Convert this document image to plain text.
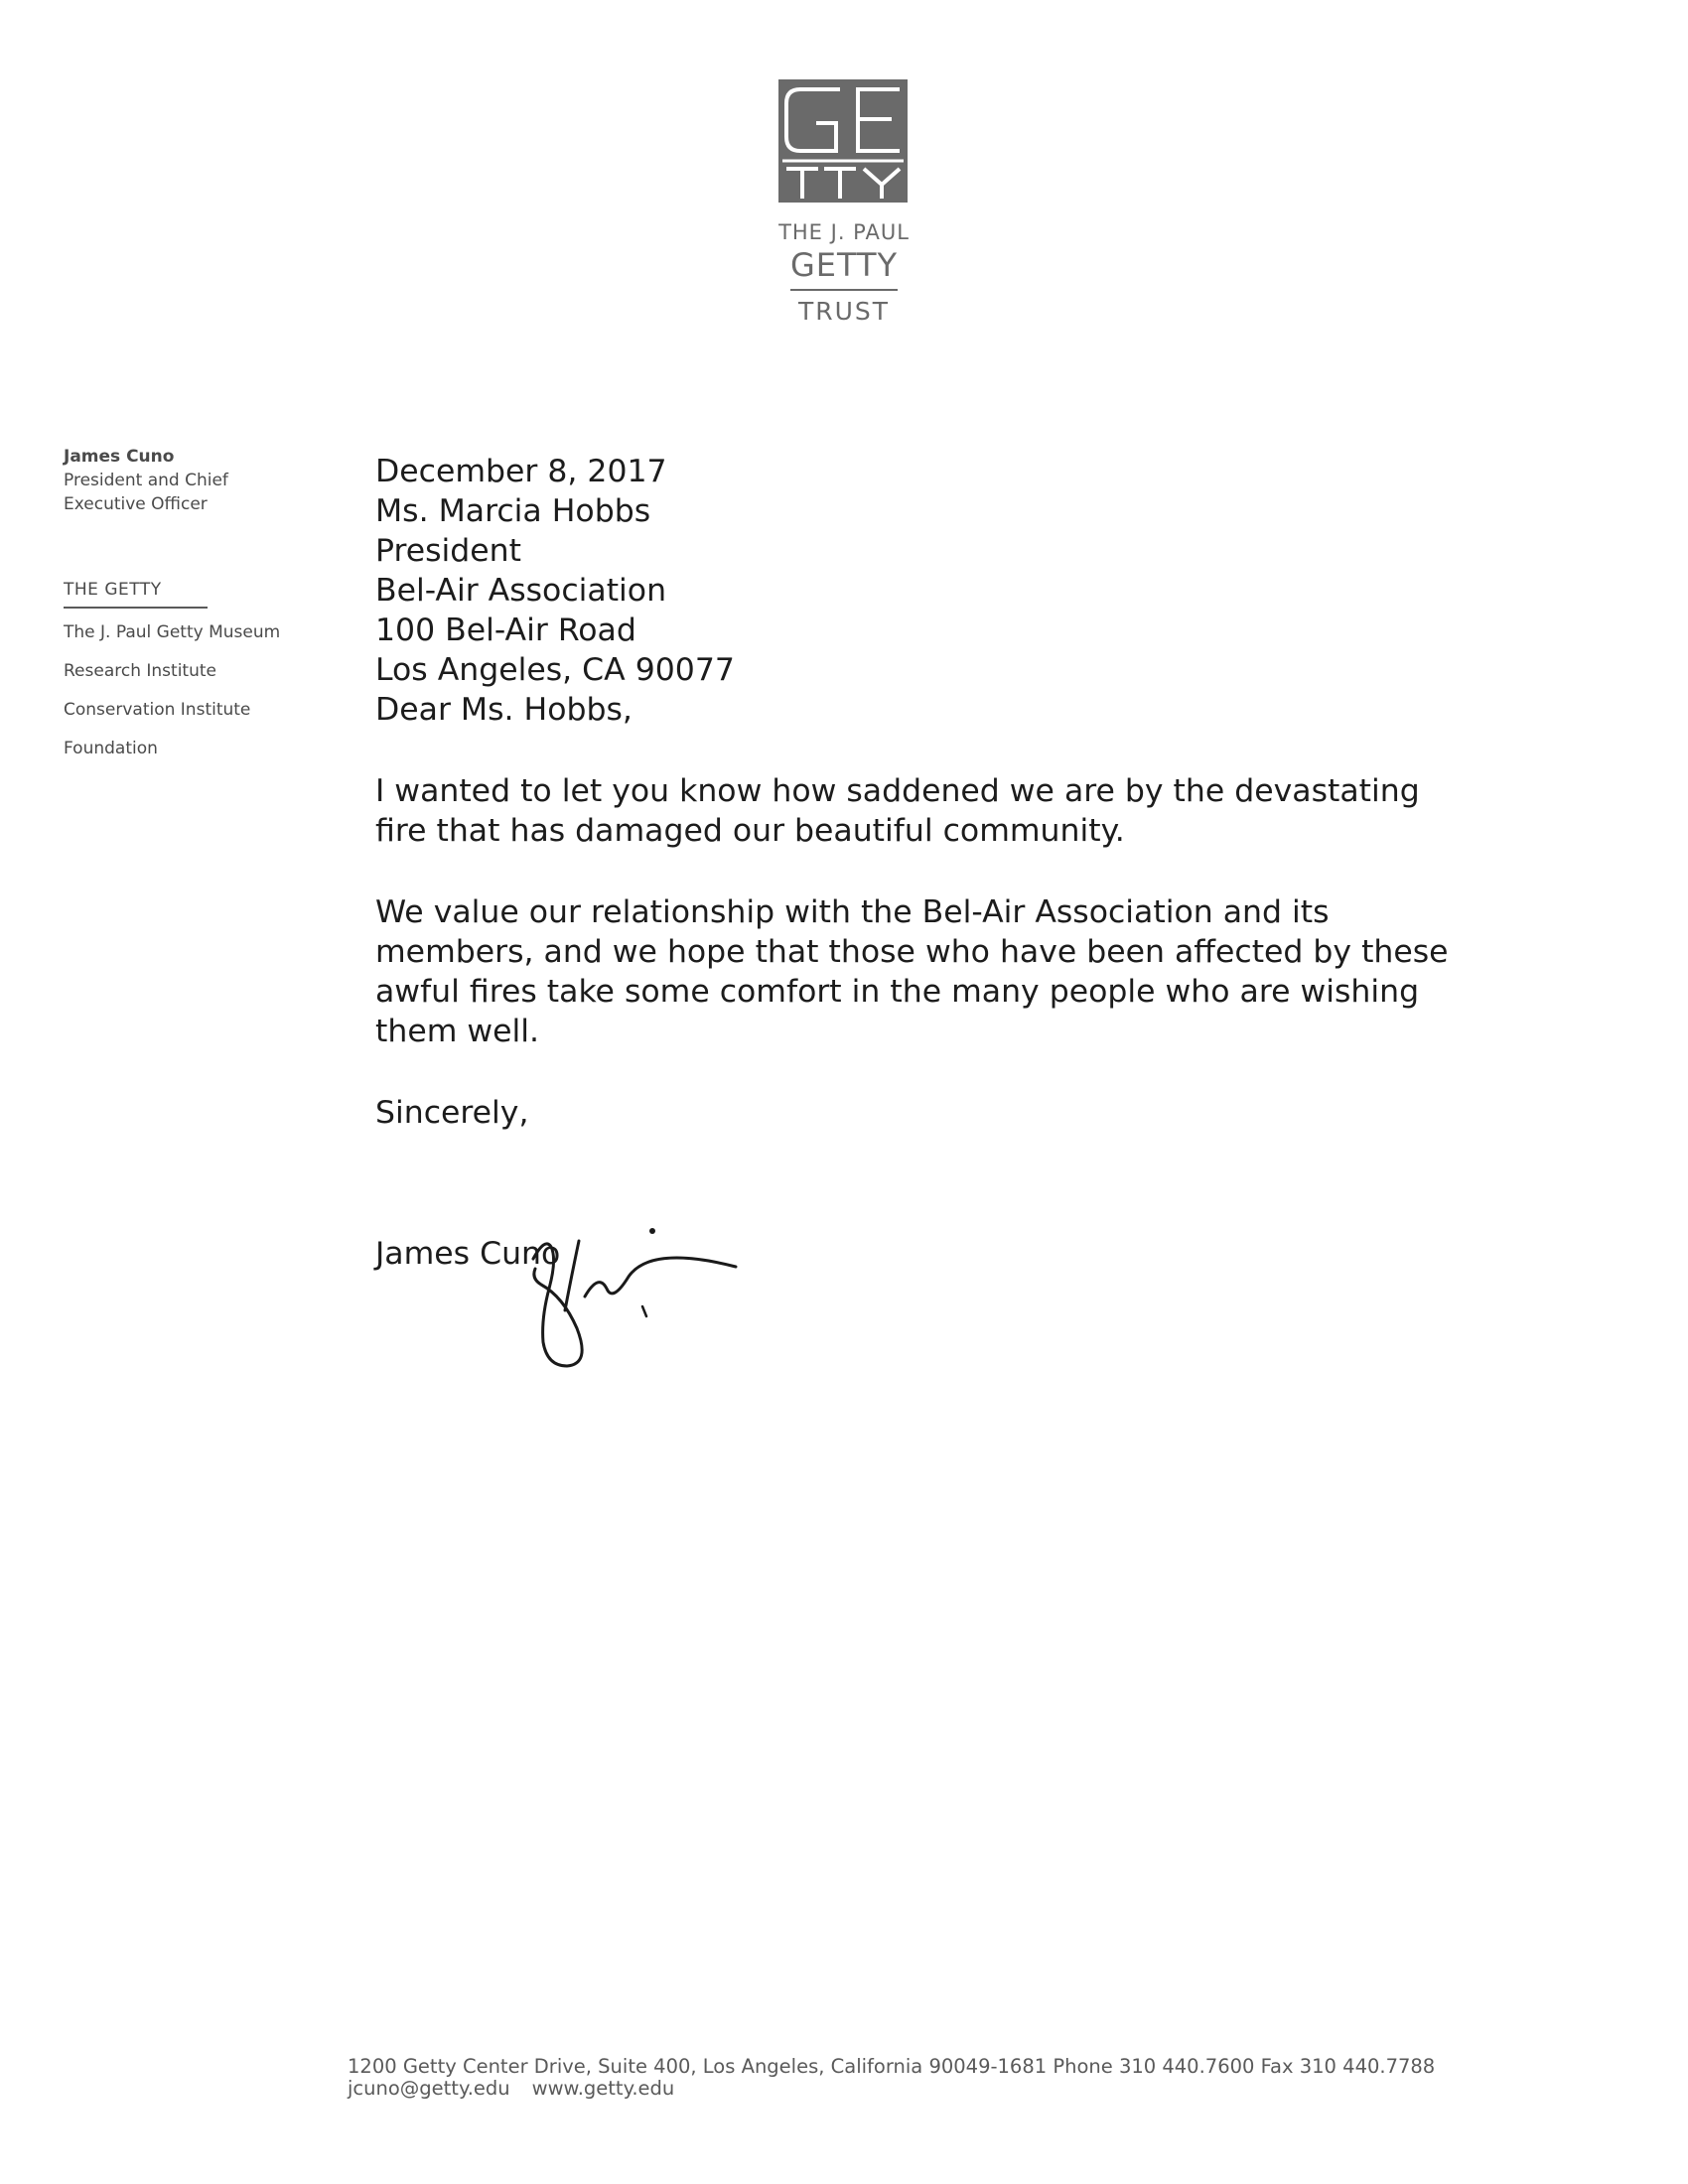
THE J. PAUL
GETTY
TRUST
James Cuno
President and Chief
Executive Officer
THE GETTY
The J. Paul Getty Museum
Research Institute
Conservation Institute
Foundation

December 8, 2017

Ms. Marcia Hobbs
President
Bel-Air Association
100 Bel-Air Road
Los Angeles, CA 90077

Dear Ms. Hobbs,

I wanted to let you know how saddened we are by the devastating fire that has damaged our beautiful community.

We value our relationship with the Bel-Air Association and its members, and we hope that those who have been affected by these awful fires take some comfort in the many people who are wishing them well.

Sincerely,

James Cuno

1200 Getty Center Drive, Suite 400, Los Angeles, California 90049-1681 Phone 310 440.7600 Fax 310 440.7788
jcuno@getty.edu www.getty.edu
